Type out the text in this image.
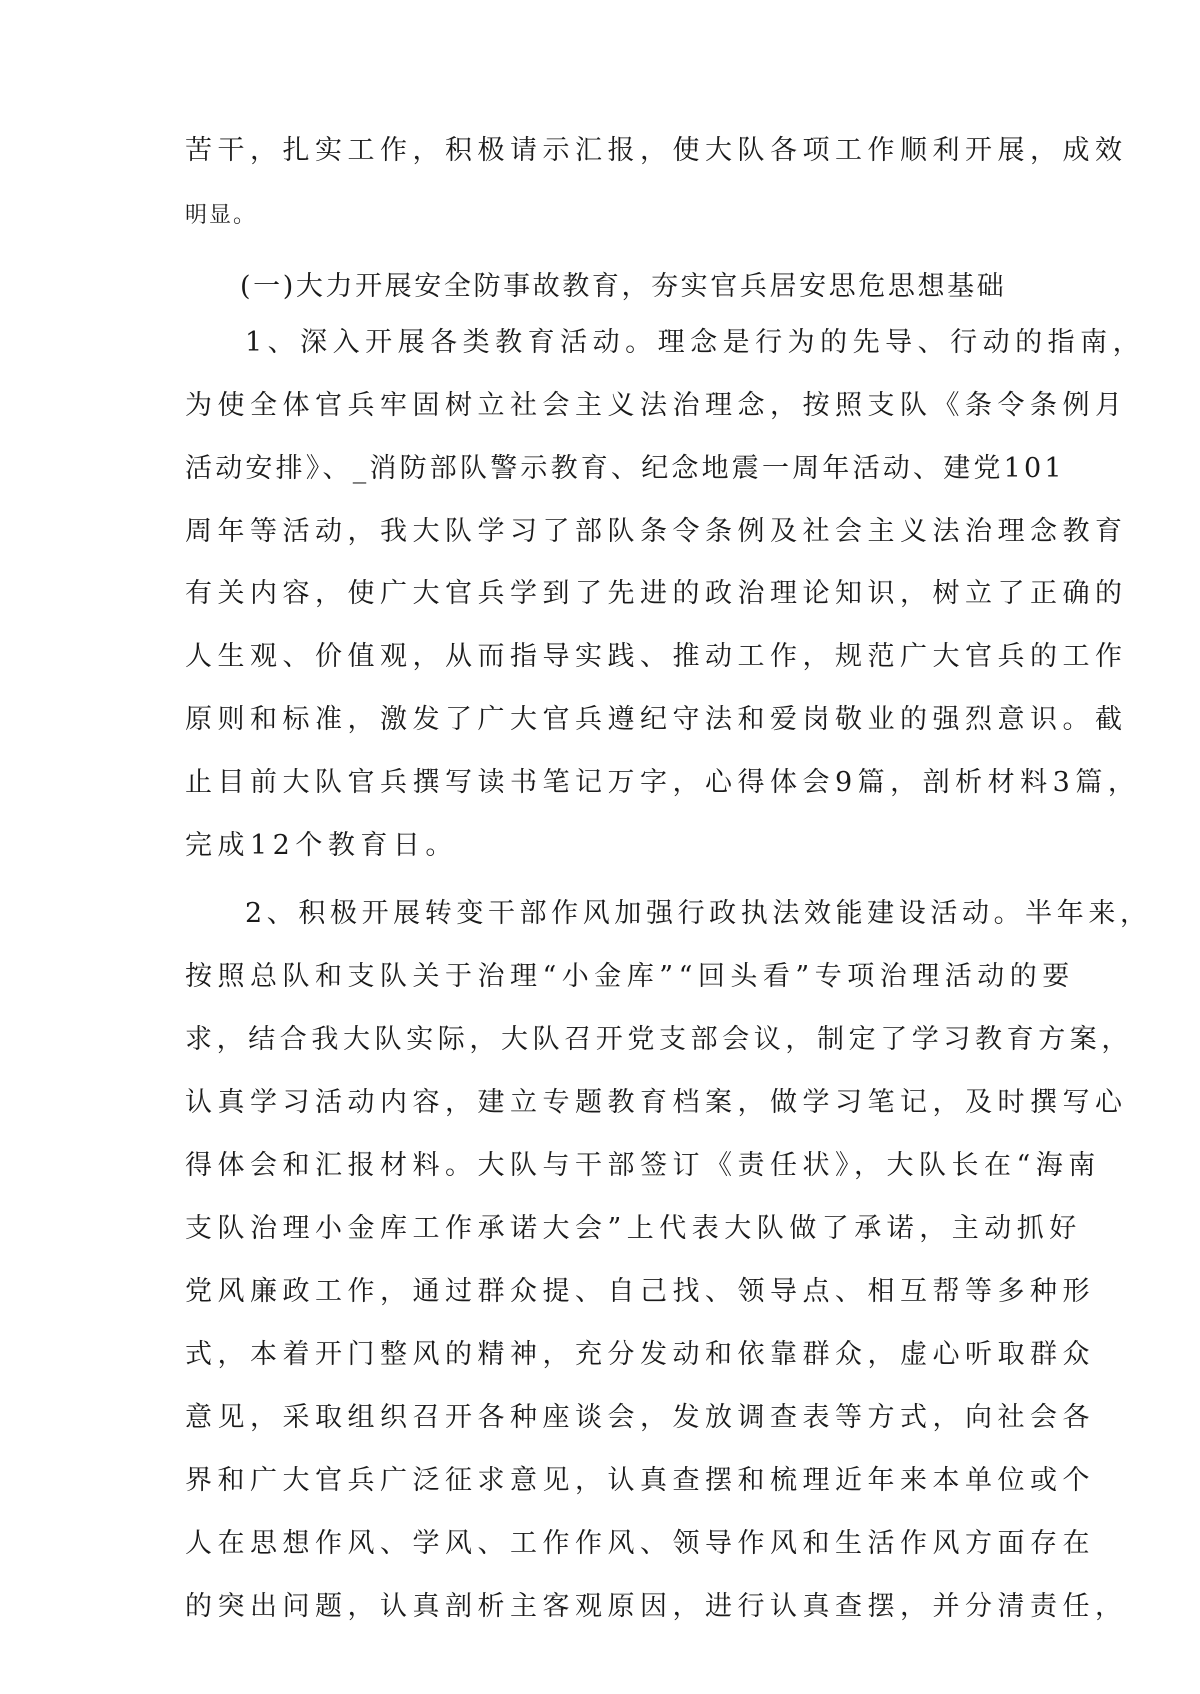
苦干，扎实工作，积极请示汇报，使大队各项工作顺利开展，成效

明显。

(一)大力开展安全防事故教育，夯实官兵居安思危思想基础

1、深入开展各类教育活动。理念是行为的先导、行动的指南，

为使全体官兵牢固树立社会主义法治理念，按照支队《条令条例月

活动安排》、_消防部队警示教育、纪念地震一周年活动、建党101

周年等活动，我大队学习了部队条令条例及社会主义法治理念教育

有关内容，使广大官兵学到了先进的政治理论知识，树立了正确的

人生观、价值观，从而指导实践、推动工作，规范广大官兵的工作

原则和标准，激发了广大官兵遵纪守法和爱岗敬业的强烈意识。截

止目前大队官兵撰写读书笔记万字，心得体会9篇，剖析材料3篇，

完成12个教育日。

2、积极开展转变干部作风加强行政执法效能建设活动。半年来，

按照总队和支队关于治理“小金库”“回头看”专项治理活动的要

求，结合我大队实际，大队召开党支部会议，制定了学习教育方案，

认真学习活动内容，建立专题教育档案，做学习笔记，及时撰写心

得体会和汇报材料。大队与干部签订《责任状》，大队长在“海南

支队治理小金库工作承诺大会”上代表大队做了承诺，主动抓好

党风廉政工作，通过群众提、自己找、领导点、相互帮等多种形

式，本着开门整风的精神，充分发动和依靠群众，虚心听取群众

意见，采取组织召开各种座谈会，发放调查表等方式，向社会各

界和广大官兵广泛征求意见，认真查摆和梳理近年来本单位或个

人在思想作风、学风、工作作风、领导作风和生活作风方面存在

的突出问题，认真剖析主客观原因，进行认真查摆，并分清责任，
